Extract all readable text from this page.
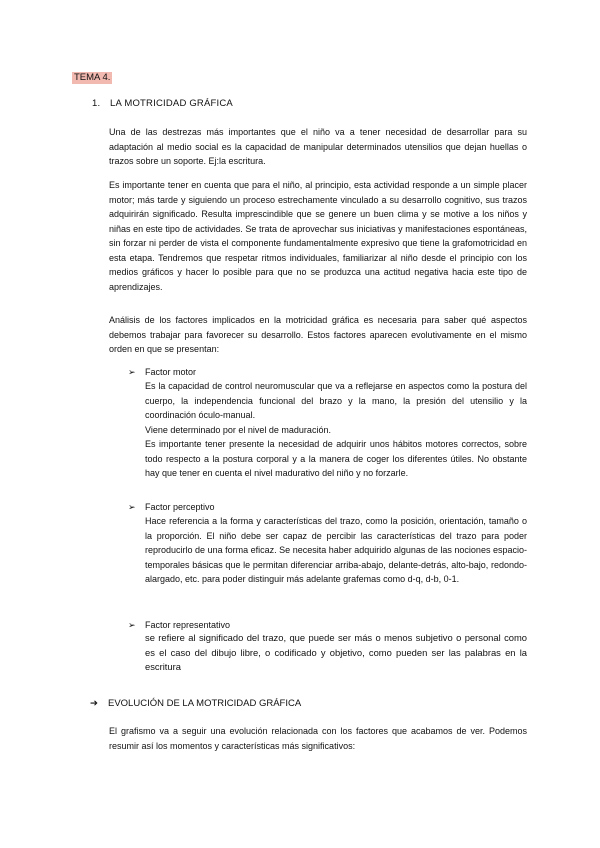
TEMA 4.
1. LA MOTRICIDAD GRÁFICA
Una de las destrezas más importantes que el niño va a tener necesidad de desarrollar para su adaptación al medio social es la capacidad de manipular determinados utensilios que dejan huellas o trazos sobre un soporte. Ej:la escritura.
Es importante tener en cuenta que para el niño, al principio, esta actividad responde a un simple placer motor; más tarde y siguiendo un proceso estrechamente vinculado a su desarrollo cognitivo, sus trazos adquirirán significado. Resulta imprescindible que se genere un buen clima y se motive a los niños y niñas en este tipo de actividades. Se trata de aprovechar sus iniciativas y manifestaciones espontáneas, sin forzar ni perder de vista el componente fundamentalmente expresivo que tiene la grafomotricidad en esta etapa. Tendremos que respetar ritmos individuales, familiarizar al niño desde el principio con los medios gráficos y hacer lo posible para que no se produzca una actitud negativa hacia este tipo de aprendizajes.
Análisis de los factores implicados en la motricidad gráfica es necesaria para saber qué aspectos debemos trabajar para favorecer su desarrollo. Estos factores aparecen evolutivamente en el mismo orden en que se presentan:
➢	Factor motor
Es la capacidad de control neuromuscular que va a reflejarse en aspectos como la postura del cuerpo, la independencia funcional del brazo y la mano, la presión del utensilio y la coordinación óculo-manual.
Viene determinado por el nivel de maduración.
Es importante tener presente la necesidad de adquirir unos hábitos motores correctos, sobre todo respecto a la postura corporal y a la manera de coger los diferentes útiles. No obstante hay que tener en cuenta el nivel madurativo del niño y no forzarle.
➢	Factor perceptivo
Hace referencia a la forma y características del trazo, como la posición, orientación, tamaño o la proporción. El niño debe ser capaz de percibir las características del trazo para poder reproducirlo de una forma eficaz. Se necesita haber adquirido algunas de las nociones espacio-temporales básicas que le permitan diferenciar arriba-abajo, delante-detrás, alto-bajo, redondo-alargado, etc. para poder distinguir más adelante grafemas como d-q, d-b, 0-1.
➢	Factor representativo
se refiere al significado del trazo, que puede ser más o menos subjetivo o personal como es el caso del dibujo libre, o codificado y objetivo, como pueden ser las palabras en la escritura
➔ EVOLUCIÓN DE LA MOTRICIDAD GRÁFICA
El grafismo va a seguir una evolución relacionada con los factores que acabamos de ver. Podemos resumir así los momentos y características más significativos:
